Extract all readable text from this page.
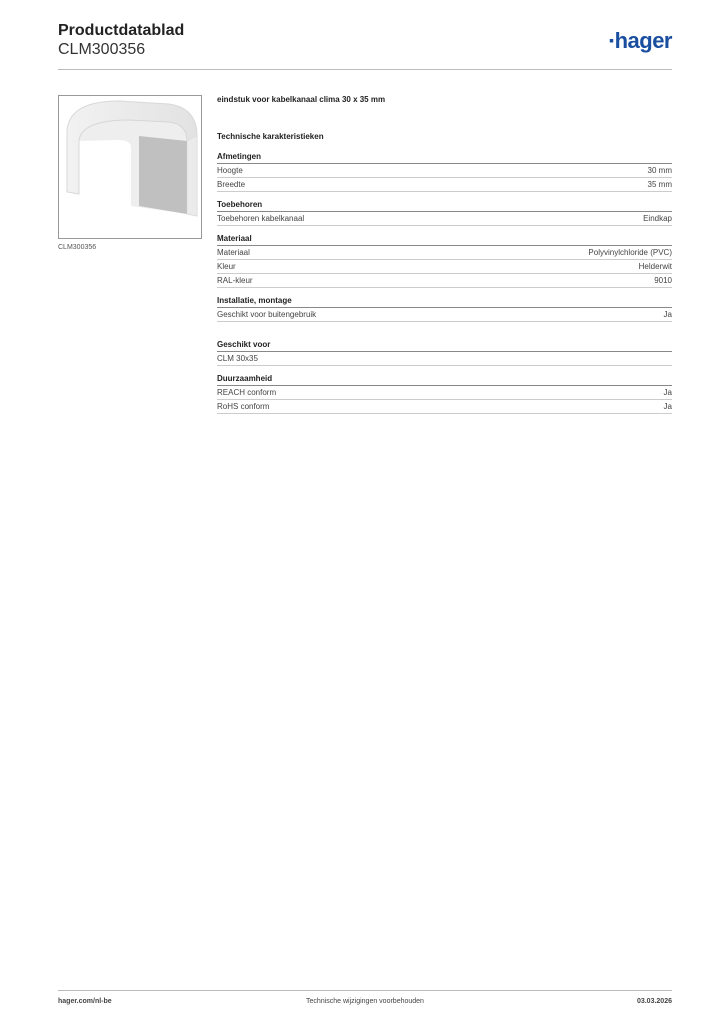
Productdatablad
CLM300356
▪hager
CLM300356
eindstuk voor kabelkanaal clima 30 x 35 mm
Technische karakteristieken
Afmetingen
Hoogte	30 mm
Breedte	35 mm
Toebehoren
Toebehoren kabelkanaal	Eindkap
Materiaal
Materiaal	Polyvinylchloride (PVC)
Kleur	Helderwit
RAL-kleur	9010
Installatie, montage
Geschikt voor buitengebruik	Ja
Geschikt voor
CLM 30x35
Duurzaamheid
REACH conform	Ja
RoHS conform	Ja
hager.com/nl-be	Technische wijzigingen voorbehouden	03.03.2026
